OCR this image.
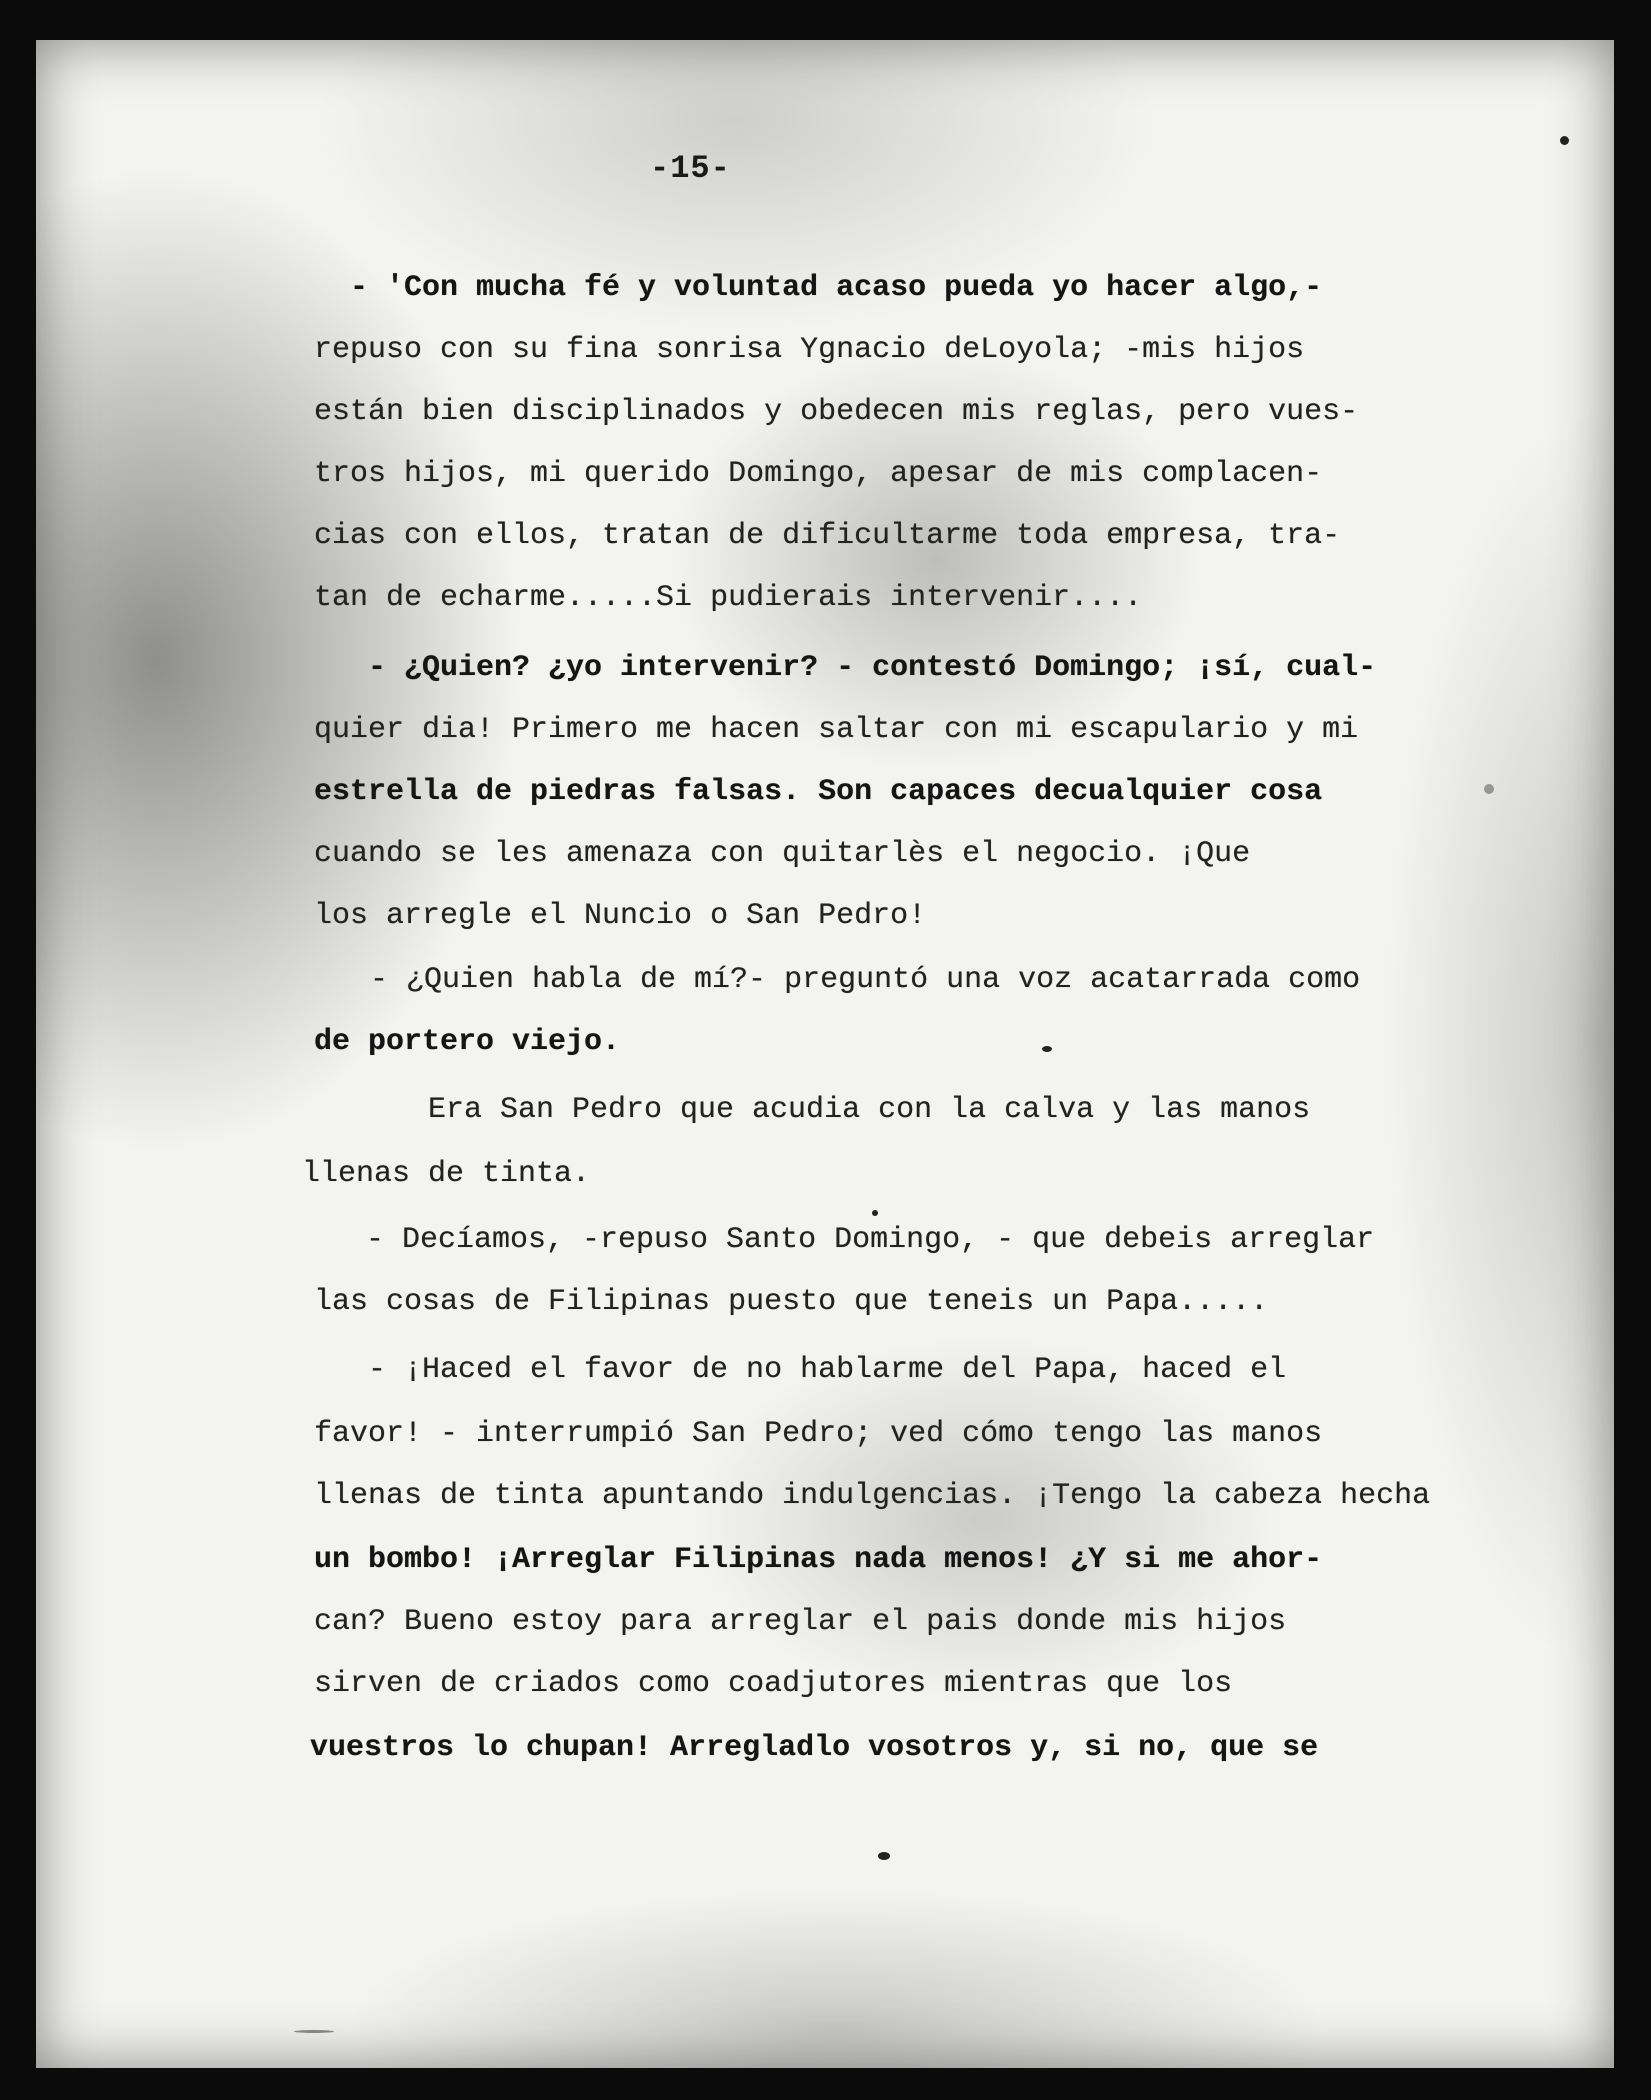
-15-
- 'Con mucha fé y voluntad acaso pueda yo hacer algo,-
repuso con su fina sonrisa Ygnacio deLoyola; -mis hijos
están bien disciplinados y obedecen mis reglas, pero vues-
tros hijos, mi querido Domingo, apesar de mis complacen-
cias con ellos, tratan de dificultarme toda empresa, tra-
tan de echarme.....Si pudierais intervenir....
- ¿Quien? ¿yo intervenir? - contestó Domingo; ¡sí, cual-
quier dia! Primero me hacen saltar con mi escapulario y mi
estrella de piedras falsas. Son capaces decualquier cosa
cuando se les amenaza con quitarlès el negocio. ¡Que
los arregle el Nuncio o San Pedro!
- ¿Quien habla de mí?- preguntó una voz acatarrada como
de portero viejo.
Era San Pedro que acudia con la calva y las manos
llenas de tinta.
- Decíamos, -repuso Santo Domingo, - que debeis arreglar
las cosas de Filipinas puesto que teneis un Papa.....
- ¡Haced el favor de no hablarme del Papa, haced el
favor! - interrumpió San Pedro; ved cómo tengo las manos
llenas de tinta apuntando indulgencias. ¡Tengo la cabeza hecha
un bombo! ¡Arreglar Filipinas nada menos! ¿Y si me ahor-
can? Bueno estoy para arreglar el pais donde mis hijos
sirven de criados como coadjutores mientras que los
vuestros lo chupan! Arregladlo vosotros y, si no, que se
